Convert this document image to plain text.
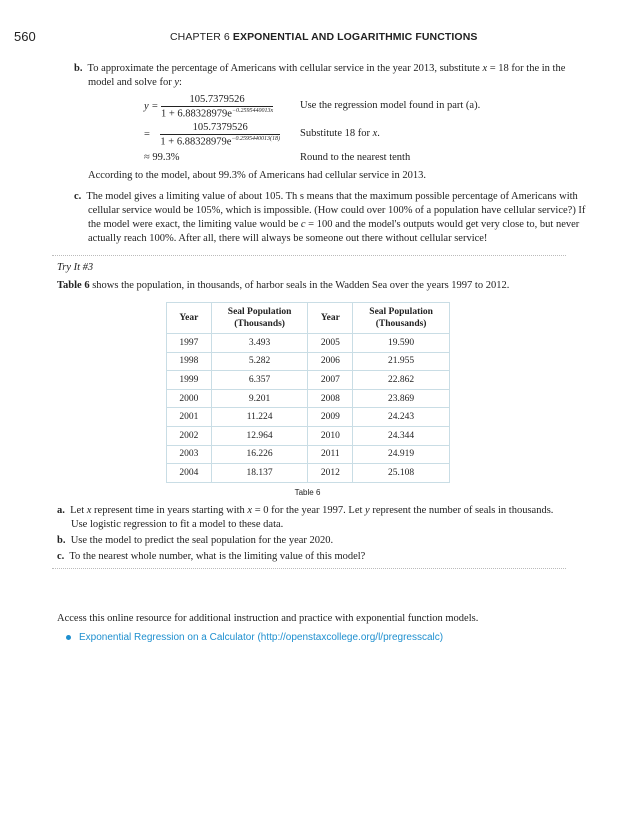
560	CHAPTER 6 EXPONENTIAL AND LOGARITHMIC FUNCTIONS
b. To approximate the percentage of Americans with cellular service in the year 2013, substitute x = 18 for the in the model and solve for y:
$y = \frac{105.7379526}{1 + 6.88328979e^{-0.2595440013x}}$	Use the regression model found in part (a).
= $\frac{105.7379526}{1 + 6.88328979e^{-0.2595440013(18)}}$ Substitute 18 for x.
≈ 99.3%	Round to the nearest tenth
According to the model, about 99.3% of Americans had cellular service in 2013.
c. The model gives a limiting value of about 105. Th s means that the maximum possible percentage of Americans with cellular service would be 105%, which is impossible. (How could over 100% of a population have cellular service?) If the model were exact, the limiting value would be c = 100 and the model's outputs would get very close to, but never actually reach 100%. After all, there will always be someone out there without cellular service!
Try It #3
Table 6 shows the population, in thousands, of harbor seals in the Wadden Sea over the years 1997 to 2012.
Year	Seal Population (Thousands)	Year	Seal Population (Thousands)
1997	3.493	2005	19.590
1998	5.282	2006	21.955
1999	6.357	2007	22.862
2000	9.201	2008	23.869
2001	11.224	2009	24.243
2002	12.964	2010	24.344
2003	16.226	2011	24.919
2004	18.137	2012	25.108
Table 6
a. Let x represent time in years starting with x = 0 for the year 1997. Let y represent the number of seals in thousands. Use logistic regression to fit a model to these data.
b. Use the model to predict the seal population for the year 2020.
c. To the nearest whole number, what is the limiting value of this model?
Access this online resource for additional instruction and practice with exponential function models.
Exponential Regression on a Calculator (http://openstaxcollege.org/l/pregresscalc)
